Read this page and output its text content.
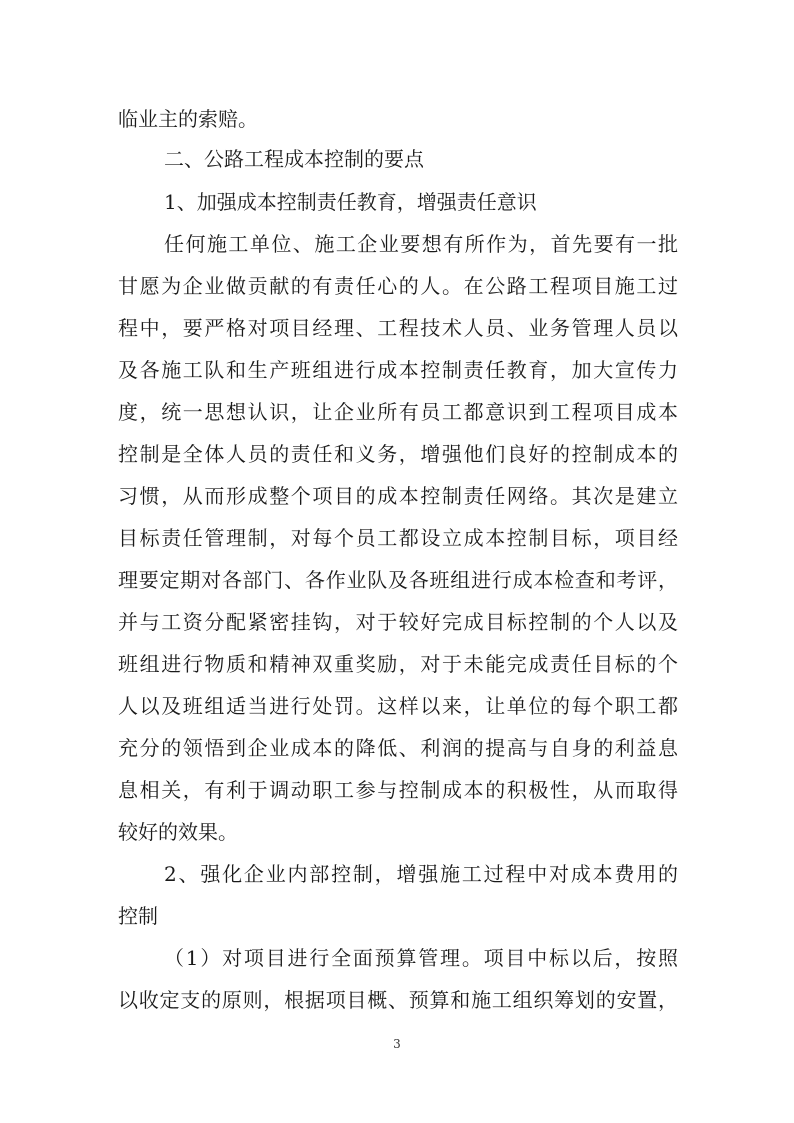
临业主的索赔。
二、公路工程成本控制的要点
1、加强成本控制责任教育，增强责任意识
任何施工单位、施工企业要想有所作为，首先要有一批
甘愿为企业做贡献的有责任心的人。在公路工程项目施工过
程中，要严格对项目经理、工程技术人员、业务管理人员以
及各施工队和生产班组进行成本控制责任教育，加大宣传力
度，统一思想认识，让企业所有员工都意识到工程项目成本
控制是全体人员的责任和义务，增强他们良好的控制成本的
习惯，从而形成整个项目的成本控制责任网络。其次是建立
目标责任管理制，对每个员工都设立成本控制目标，项目经
理要定期对各部门、各作业队及各班组进行成本检查和考评，
并与工资分配紧密挂钩，对于较好完成目标控制的个人以及
班组进行物质和精神双重奖励，对于未能完成责任目标的个
人以及班组适当进行处罚。这样以来，让单位的每个职工都
充分的领悟到企业成本的降低、利润的提高与自身的利益息
息相关，有利于调动职工参与控制成本的积极性，从而取得
较好的效果。
2、强化企业内部控制，增强施工过程中对成本费用的
控制
（1）对项目进行全面预算管理。项目中标以后，按照
以收定支的原则，根据项目概、预算和施工组织筹划的安置，
3
